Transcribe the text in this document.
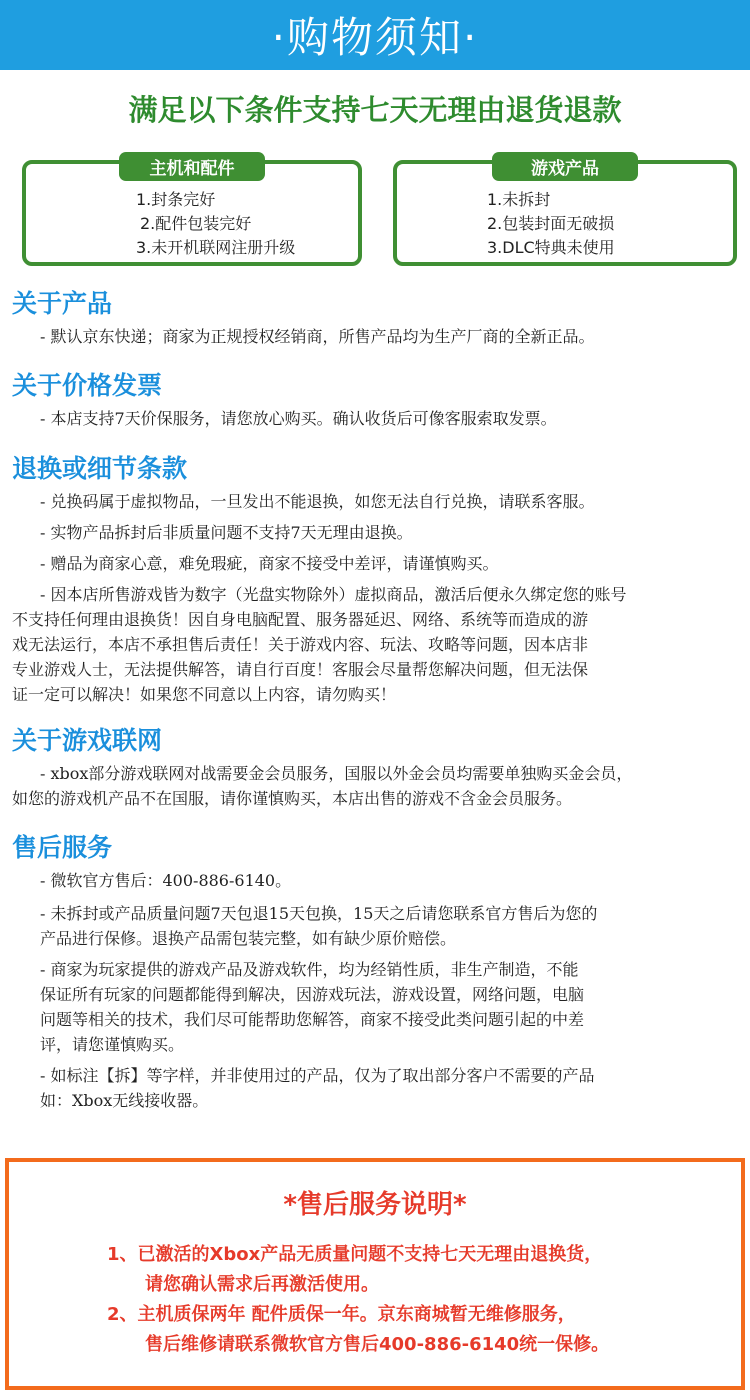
·购物须知·
满足以下条件支持七天无理由退货退款
主机和配件
1.封条完好
2.配件包装完好
3.未开机联网注册升级
游戏产品
1.未拆封
2.包装封面无破损
3.DLC特典未使用
关于产品

- 默认京东快递；商家为正规授权经销商，所售产品均为生产厂商的全新正品。

关于价格发票

- 本店支持7天价保服务，请您放心购买。确认收货后可像客服索取发票。

退换或细节条款

- 兑换码属于虚拟物品，一旦发出不能退换，如您无法自行兑换，请联系客服。

- 实物产品拆封后非质量问题不支持7天无理由退换。

- 赠品为商家心意，难免瑕疵，商家不接受中差评，请谨慎购买。

- 因本店所售游戏皆为数字（光盘实物除外）虚拟商品，激活后便永久绑定您的账号

不支持任何理由退换货！因自身电脑配置、服务器延迟、网络、系统等而造成的游

戏无法运行，本店不承担售后责任！关于游戏内容、玩法、攻略等问题，因本店非

专业游戏人士，无法提供解答，请自行百度！客服会尽量帮您解决问题，但无法保

证一定可以解决！如果您不同意以上内容，请勿购买！

关于游戏联网

- xbox部分游戏联网对战需要金会员服务，国服以外金会员均需要单独购买金会员，

如您的游戏机产品不在国服，请你谨慎购买，本店出售的游戏不含金会员服务。

售后服务

- 微软官方售后：400-886-6140。

- 未拆封或产品质量问题7天包退15天包换，15天之后请您联系官方售后为您的

产品进行保修。退换产品需包装完整，如有缺少原价赔偿。

- 商家为玩家提供的游戏产品及游戏软件，均为经销性质，非生产制造，不能

保证所有玩家的问题都能得到解决，因游戏玩法，游戏设置，网络问题，电脑

问题等相关的技术，我们尽可能帮助您解答，商家不接受此类问题引起的中差

评，请您谨慎购买。

- 如标注【拆】等字样，并非使用过的产品，仅为了取出部分客户不需要的产品

如：Xbox无线接收器。

*售后服务说明*
1、已激活的Xbox产品无质量问题不支持七天无理由退换货，
请您确认需求后再激活使用。
2、主机质保两年 配件质保一年。京东商城暂无维修服务，
售后维修请联系微软官方售后400-886-6140统一保修。
